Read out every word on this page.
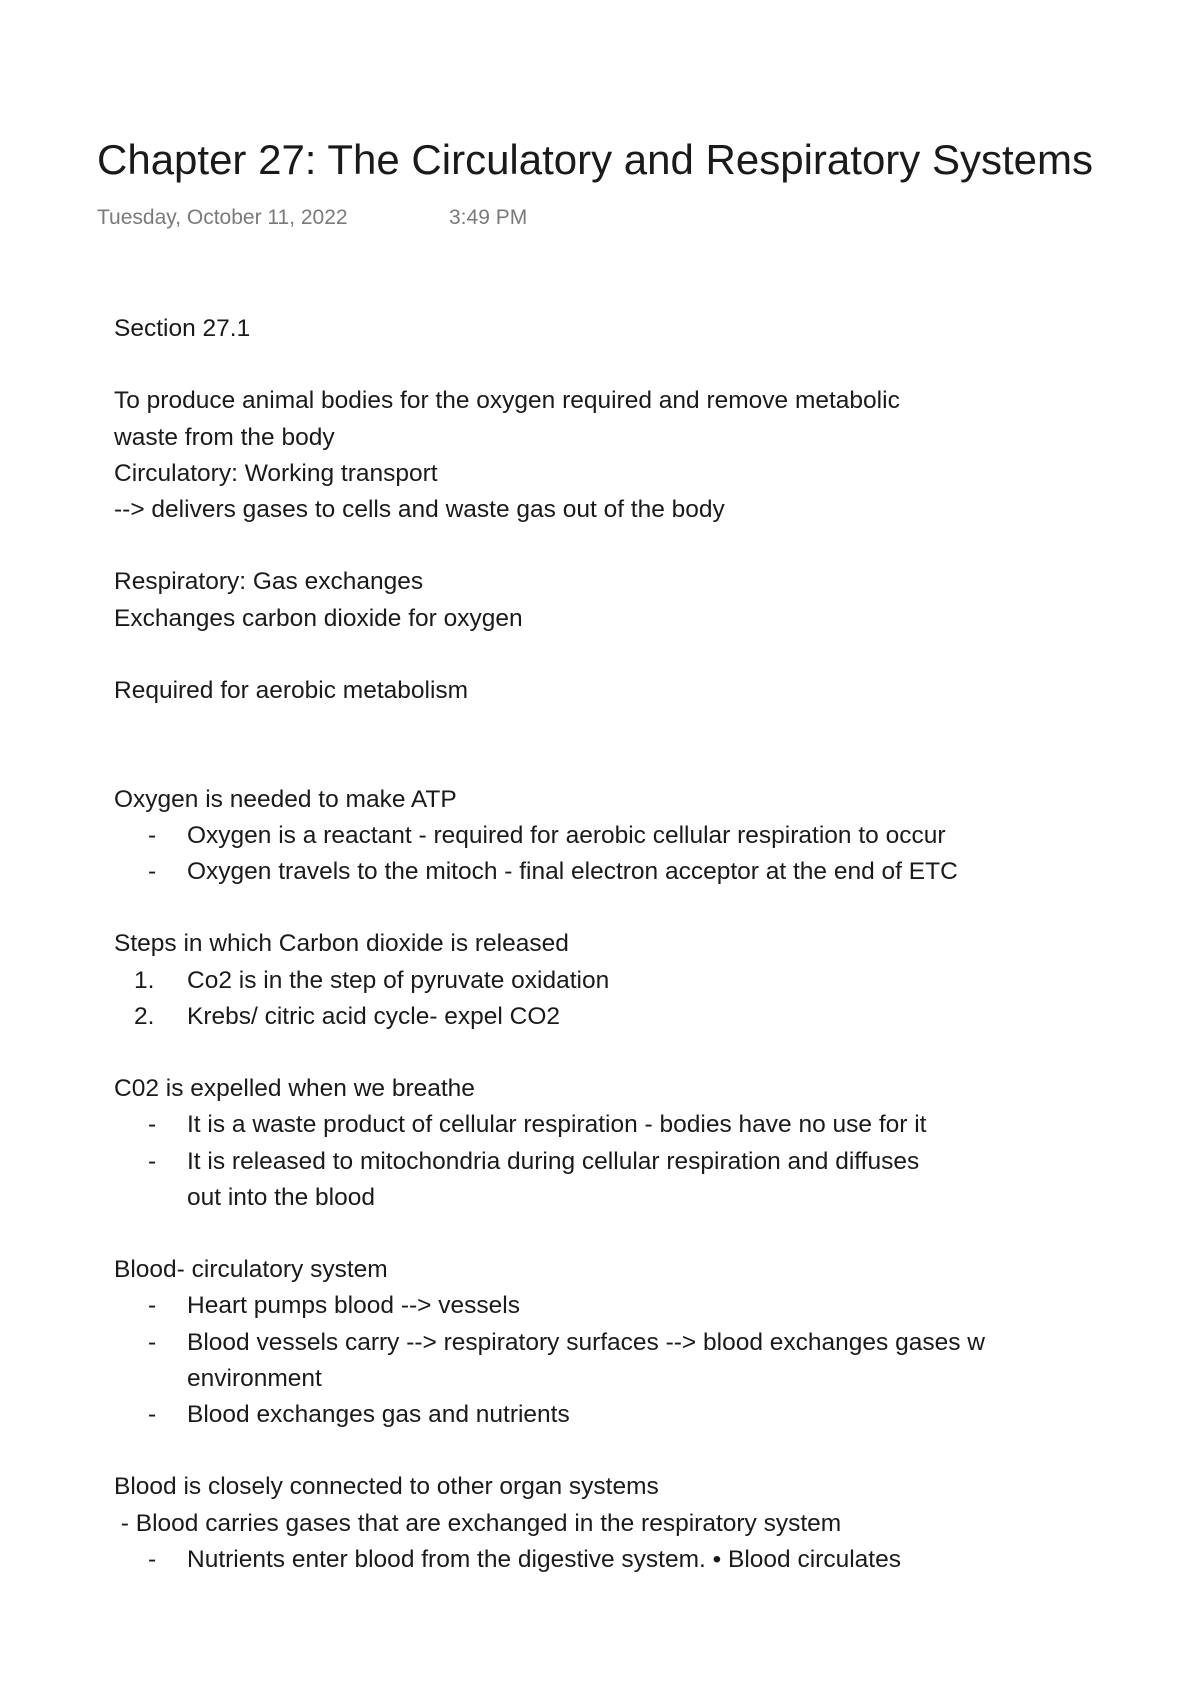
Chapter 27: The Circulatory and Respiratory Systems
Tuesday, October 11, 2022	3:49 PM
Section 27.1
To produce animal bodies for the oxygen required and remove metabolic
waste from the body
Circulatory: Working transport
--> delivers gases to cells and waste gas out of the body
Respiratory: Gas exchanges
Exchanges carbon dioxide for oxygen
Required for aerobic metabolism
Oxygen is needed to make ATP
- Oxygen is a reactant - required for aerobic cellular respiration to occur
- Oxygen travels to the mitoch - final electron acceptor at the end of ETC
Steps in which Carbon dioxide is released
1. Co2 is in the step of pyruvate oxidation
2. Krebs/ citric acid cycle- expel CO2
C02 is expelled when we breathe
- It is a waste product of cellular respiration - bodies have no use for it
- It is released to mitochondria during cellular respiration and diffuses
out into the blood
Blood- circulatory system
- Heart pumps blood --> vessels
- Blood vessels carry --> respiratory surfaces --> blood exchanges gases w
environment
- Blood exchanges gas and nutrients
Blood is closely connected to other organ systems
- Blood carries gases that are exchanged in the respiratory system
- Nutrients enter blood from the digestive system. • Blood circulates
